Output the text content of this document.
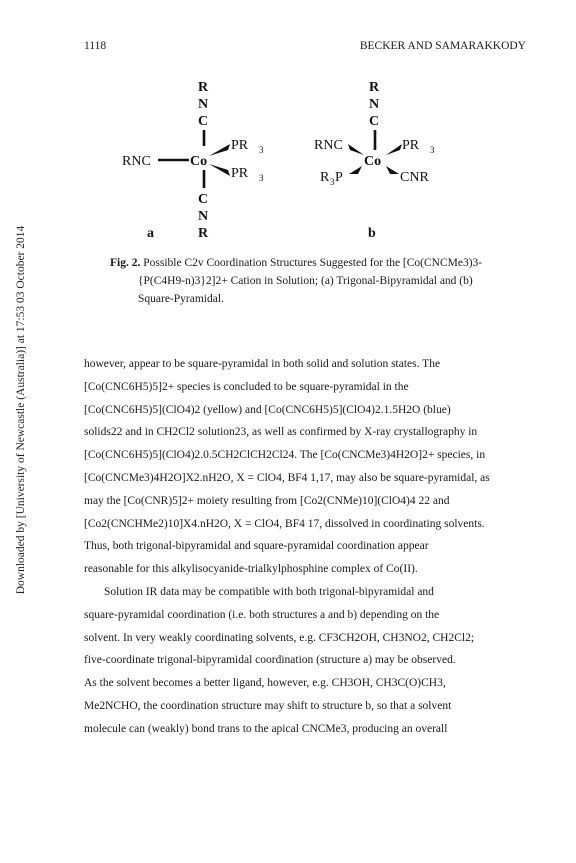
1118	BECKER AND SAMARAKKODY
Downloaded by [University of Newcastle (Australia)] at 17:53 03 October 2014
R
N
C
RNC	Co
PR 3
PR 3
C
N
R
a
R
N
C
RNC	PR 3
Co
R 3 P	CNR
b
Fig. 2. Possible C2v Coordination Structures Suggested for the [Co(CNCMe3)3-
{P(C4H9-n)3}2]2+ Cation in Solution; (a) Trigonal-Bipyramidal and (b)
Square-Pyramidal.
however, appear to be square-pyramidal in both solid and solution states. The
[Co(CNC6H5)5]2+ species is concluded to be square-pyramidal in the
[Co(CNC6H5)5](ClO4)2 (yellow) and [Co(CNC6H5)5](ClO4)2.1.5H2O (blue)
solids22 and in CH2Cl2 solution23, as well as confirmed by X-ray crystallography in
[Co(CNC6H5)5](ClO4)2.0.5CH2ClCH2Cl24. The [Co(CNCMe3)4H2O]2+ species, in
[Co(CNCMe3)4H2O]X2.nH2O, X = ClO4, BF4 1,17, may also be square-pyramidal, as
may the [Co(CNR)5]2+ moiety resulting from [Co2(CNMe)10](ClO4)4 22 and
[Co2(CNCHMe2)10]X4.nH2O, X = ClO4, BF4 17, dissolved in coordinating solvents.
Thus, both trigonal-bipyramidal and square-pyramidal coordination appear
reasonable for this alkylisocyanide-trialkylphosphine complex of Co(II).
Solution IR data may be compatible with both trigonal-bipyramidal and
square-pyramidal coordination (i.e. both structures a and b) depending on the
solvent. In very weakly coordinating solvents, e.g. CF3CH2OH, CH3NO2, CH2Cl2;
five-coordinate trigonal-bipyramidal coordination (structure a) may be observed.
As the solvent becomes a better ligand, however, e.g. CH3OH, CH3C(O)CH3,
Me2NCHO, the coordination structure may shift to structure b, so that a solvent
molecule can (weakly) bond trans to the apical CNCMe3, producing an overall
